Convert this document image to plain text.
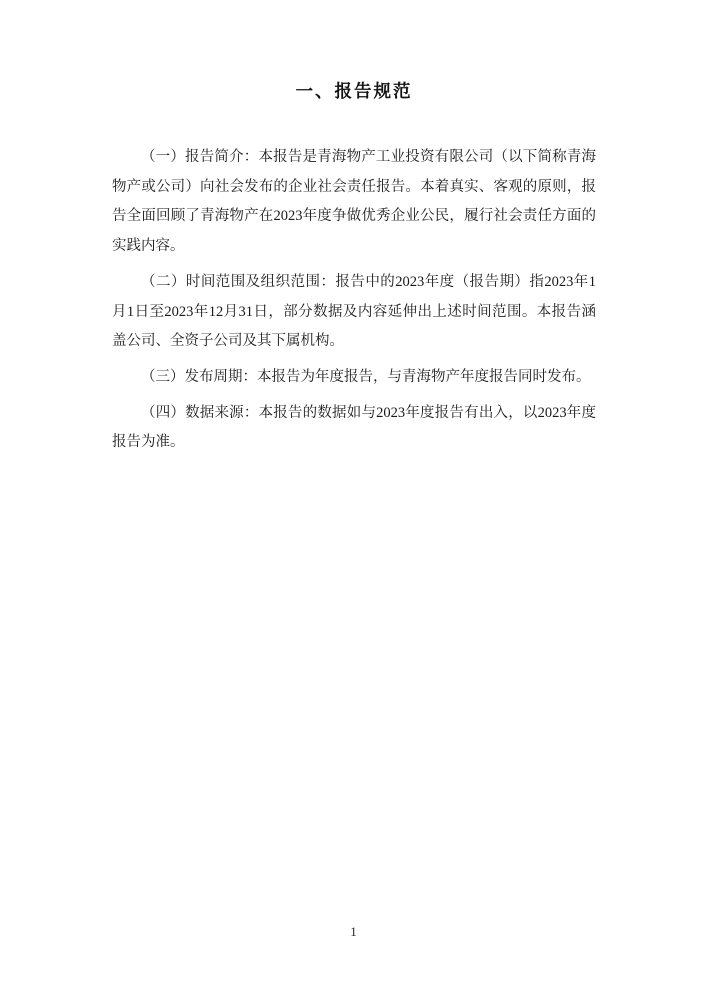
一、报告规范

（一）报告简介：本报告是青海物产工业投资有限公司（以下简称青海物产或公司）向社会发布的企业社会责任报告。本着真实、客观的原则，报告全面回顾了青海物产在2023年度争做优秀企业公民，履行社会责任方面的实践内容。

（二）时间范围及组织范围：报告中的2023年度（报告期）指2023年1月1日至2023年12月31日，部分数据及内容延伸出上述时间范围。本报告涵盖公司、全资子公司及其下属机构。

（三）发布周期：本报告为年度报告，与青海物产年度报告同时发布。

（四）数据来源：本报告的数据如与2023年度报告有出入，以2023年度报告为准。

1
